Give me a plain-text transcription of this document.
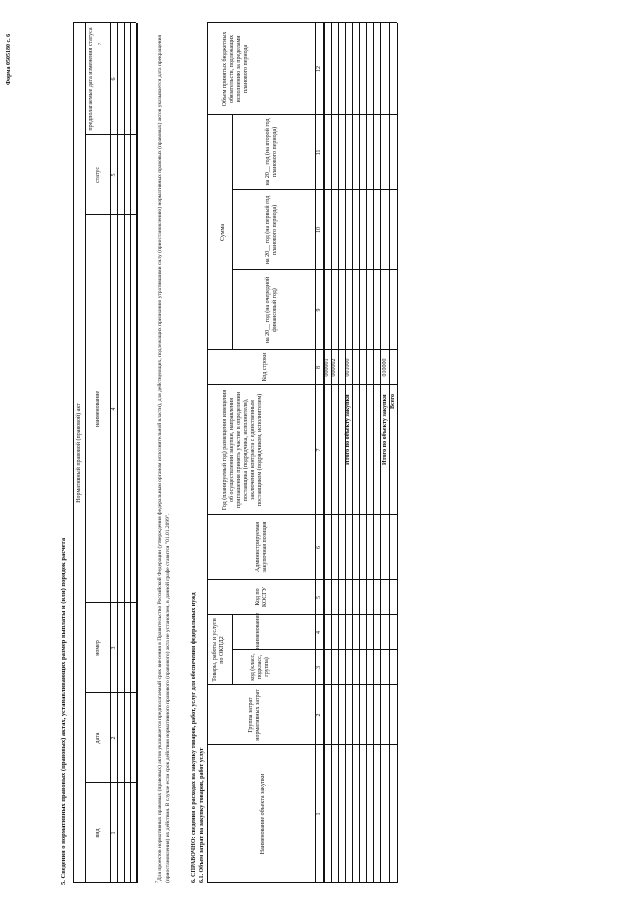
Форма 0505180 с. 6
5. Сведения о нормативных правовых (правовых) актах, устанавливающих размер выплаты и (или) порядок расчета
Нормативный правовой (правовой) акт
вид
дата
номер
наименование
статус
предполагаемые дата изменения статуса 7
1
2
3
4
5
6
$^7$Для проектов нормативных правовых (правовых) актов указывается предполагаемый срок внесения в Правительство Российской Федерации (утверждения федеральным органом исполнительной власти), для действующих, подлежащих признанию утратившими силу (приостановлению) нормативных правовых (правовых) актов указывается дата прекращения (приостановления) их действия. В случае если срок действия нормативного правового (правового) акта не установлен, в данной графе ставится "01.01.2099".	6. СПРАВОЧНО: сведения о расходах на закупку товаров, работ, услуг для обеспечения федеральных нужд 6.1. Объем затрат на закупку товаров, работ услуг	Наименование объекта закупки
Группа затрат нормативных затрат
Товары, работы и услуги по ОКПД2
код (класс, подкласс, группа)
наименование
Код по КОСГУ
Администрируемая закупочная позиция
Год (планируемый год) размещения извещения об осуществлении закупки, направления приглашения принять участие в определении поставщика (подрядчика, исполнителя), заключения контракта с единственным поставщиком (подрядчиком, исполнителем)
Код строки
Сумма
на 20__ год (на очередной финансовый год)
на 20__ год (на первый год планового периода)
на 20__ год (на второй год планового периода)
Объем принятых бюджетных обязательств, подлежащих исполнению за пределами планового периода
1
2
3
4
5
6
7
8
9
10
11
12
000001 000002
Итого по объекту закупки
001000
Итого по объекту закупки Всего
010000
